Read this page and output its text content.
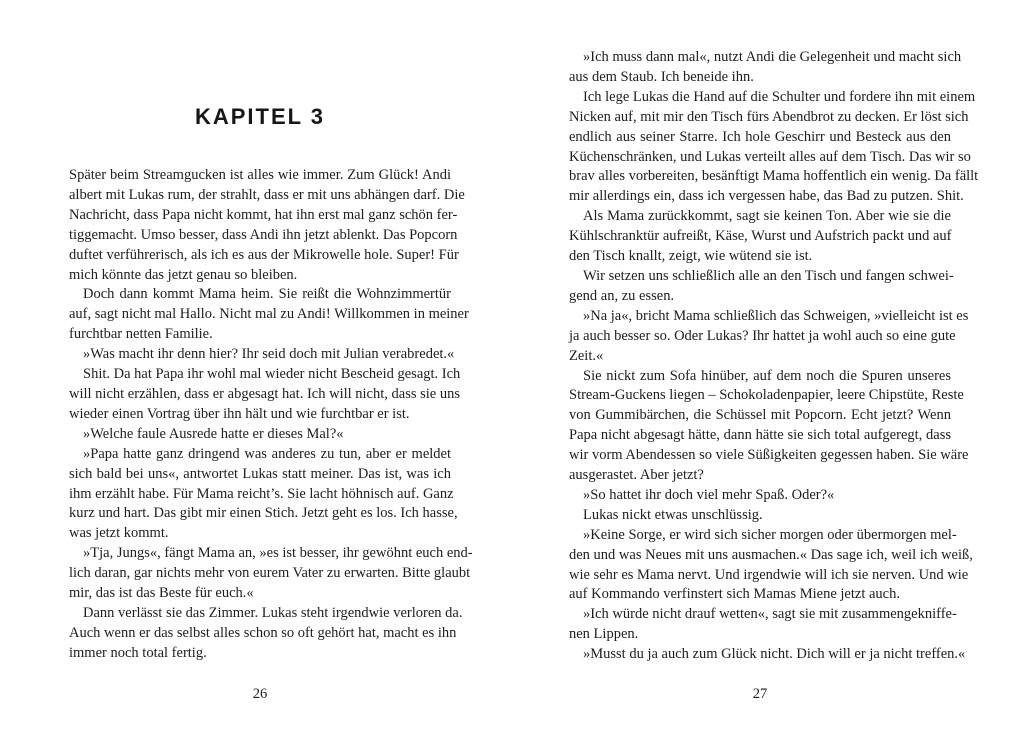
KAPITEL 3
Später beim Streamgucken ist alles wie immer. Zum Glück! Andi
albert mit Lukas rum, der strahlt, dass er mit uns abhängen darf. Die
Nachricht, dass Papa nicht kommt, hat ihn erst mal ganz schön fer-
tiggemacht. Umso besser, dass Andi ihn jetzt ablenkt. Das Popcorn
duftet verführerisch, als ich es aus der Mikrowelle hole. Super! Für
mich könnte das jetzt genau so bleiben.
Doch dann kommt Mama heim. Sie reißt die Wohnzimmertür
auf, sagt nicht mal Hallo. Nicht mal zu Andi! Willkommen in meiner
furchtbar netten Familie.
»Was macht ihr denn hier? Ihr seid doch mit Julian verabredet.«
Shit. Da hat Papa ihr wohl mal wieder nicht Bescheid gesagt. Ich
will nicht erzählen, dass er abgesagt hat. Ich will nicht, dass sie uns
wieder einen Vortrag über ihn hält und wie furchtbar er ist.
»Welche faule Ausrede hatte er dieses Mal?«
»Papa hatte ganz dringend was anderes zu tun, aber er meldet
sich bald bei uns«, antwortet Lukas statt meiner. Das ist, was ich
ihm erzählt habe. Für Mama reicht’s. Sie lacht höhnisch auf. Ganz
kurz und hart. Das gibt mir einen Stich. Jetzt geht es los. Ich hasse,
was jetzt kommt.
»Tja, Jungs«, fängt Mama an, »es ist besser, ihr gewöhnt euch end-
lich daran, gar nichts mehr von eurem Vater zu erwarten. Bitte glaubt
mir, das ist das Beste für euch.«
Dann verlässt sie das Zimmer. Lukas steht irgendwie verloren da.
Auch wenn er das selbst alles schon so oft gehört hat, macht es ihn
immer noch total fertig.
26
»Ich muss dann mal«, nutzt Andi die Gelegenheit und macht sich
aus dem Staub. Ich beneide ihn.
Ich lege Lukas die Hand auf die Schulter und fordere ihn mit einem
Nicken auf, mit mir den Tisch fürs Abendbrot zu decken. Er löst sich
endlich aus seiner Starre. Ich hole Geschirr und Besteck aus den
Küchenschränken, und Lukas verteilt alles auf dem Tisch. Das wir so
brav alles vorbereiten, besänftigt Mama hoffentlich ein wenig. Da fällt
mir allerdings ein, dass ich vergessen habe, das Bad zu putzen. Shit.
Als Mama zurückkommt, sagt sie keinen Ton. Aber wie sie die
Kühlschranktür aufreißt, Käse, Wurst und Aufstrich packt und auf
den Tisch knallt, zeigt, wie wütend sie ist.
Wir setzen uns schließlich alle an den Tisch und fangen schwei-
gend an, zu essen.
»Na ja«, bricht Mama schließlich das Schweigen, »vielleicht ist es
ja auch besser so. Oder Lukas? Ihr hattet ja wohl auch so eine gute
Zeit.«
Sie nickt zum Sofa hinüber, auf dem noch die Spuren unseres
Stream-Guckens liegen – Schokoladenpapier, leere Chipstüte, Reste
von Gummibärchen, die Schüssel mit Popcorn. Echt jetzt? Wenn
Papa nicht abgesagt hätte, dann hätte sie sich total aufgeregt, dass
wir vorm Abendessen so viele Süßigkeiten gegessen haben. Sie wäre
ausgerastet. Aber jetzt?
»So hattet ihr doch viel mehr Spaß. Oder?«
Lukas nickt etwas unschlüssig.
»Keine Sorge, er wird sich sicher morgen oder übermorgen mel-
den und was Neues mit uns ausmachen.« Das sage ich, weil ich weiß,
wie sehr es Mama nervt. Und irgendwie will ich sie nerven. Und wie
auf Kommando verfinstert sich Mamas Miene jetzt auch.
»Ich würde nicht drauf wetten«, sagt sie mit zusammengekniffe-
nen Lippen.
»Musst du ja auch zum Glück nicht. Dich will er ja nicht treffen.«
27
